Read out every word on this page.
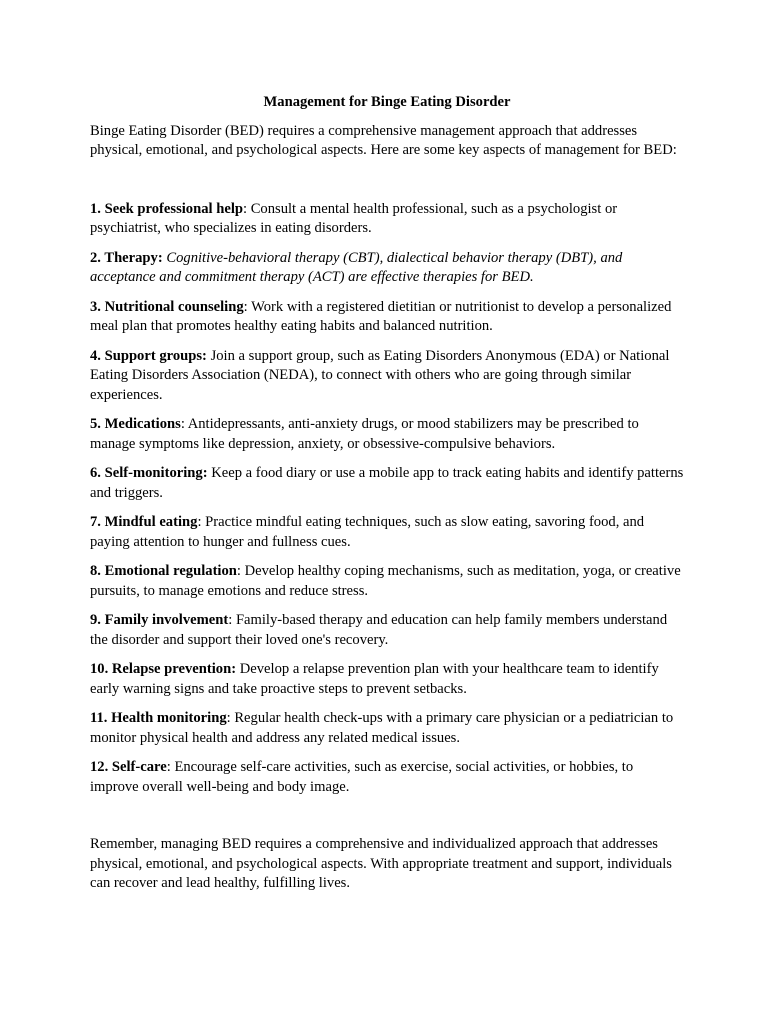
Management for Binge Eating Disorder

Binge Eating Disorder (BED) requires a comprehensive management approach that addresses physical, emotional, and psychological aspects. Here are some key aspects of management for BED:

1. Seek professional help: Consult a mental health professional, such as a psychologist or psychiatrist, who specializes in eating disorders.

2. Therapy: Cognitive-behavioral therapy (CBT), dialectical behavior therapy (DBT), and acceptance and commitment therapy (ACT) are effective therapies for BED.

3. Nutritional counseling: Work with a registered dietitian or nutritionist to develop a personalized meal plan that promotes healthy eating habits and balanced nutrition.

4. Support groups: Join a support group, such as Eating Disorders Anonymous (EDA) or National Eating Disorders Association (NEDA), to connect with others who are going through similar experiences.

5. Medications: Antidepressants, anti-anxiety drugs, or mood stabilizers may be prescribed to manage symptoms like depression, anxiety, or obsessive-compulsive behaviors.

6. Self-monitoring: Keep a food diary or use a mobile app to track eating habits and identify patterns and triggers.

7. Mindful eating: Practice mindful eating techniques, such as slow eating, savoring food, and paying attention to hunger and fullness cues.

8. Emotional regulation: Develop healthy coping mechanisms, such as meditation, yoga, or creative pursuits, to manage emotions and reduce stress.

9. Family involvement: Family-based therapy and education can help family members understand the disorder and support their loved one's recovery.

10. Relapse prevention: Develop a relapse prevention plan with your healthcare team to identify early warning signs and take proactive steps to prevent setbacks.

11. Health monitoring: Regular health check-ups with a primary care physician or a pediatrician to monitor physical health and address any related medical issues.

12. Self-care: Encourage self-care activities, such as exercise, social activities, or hobbies, to improve overall well-being and body image.

Remember, managing BED requires a comprehensive and individualized approach that addresses physical, emotional, and psychological aspects. With appropriate treatment and support, individuals can recover and lead healthy, fulfilling lives.
